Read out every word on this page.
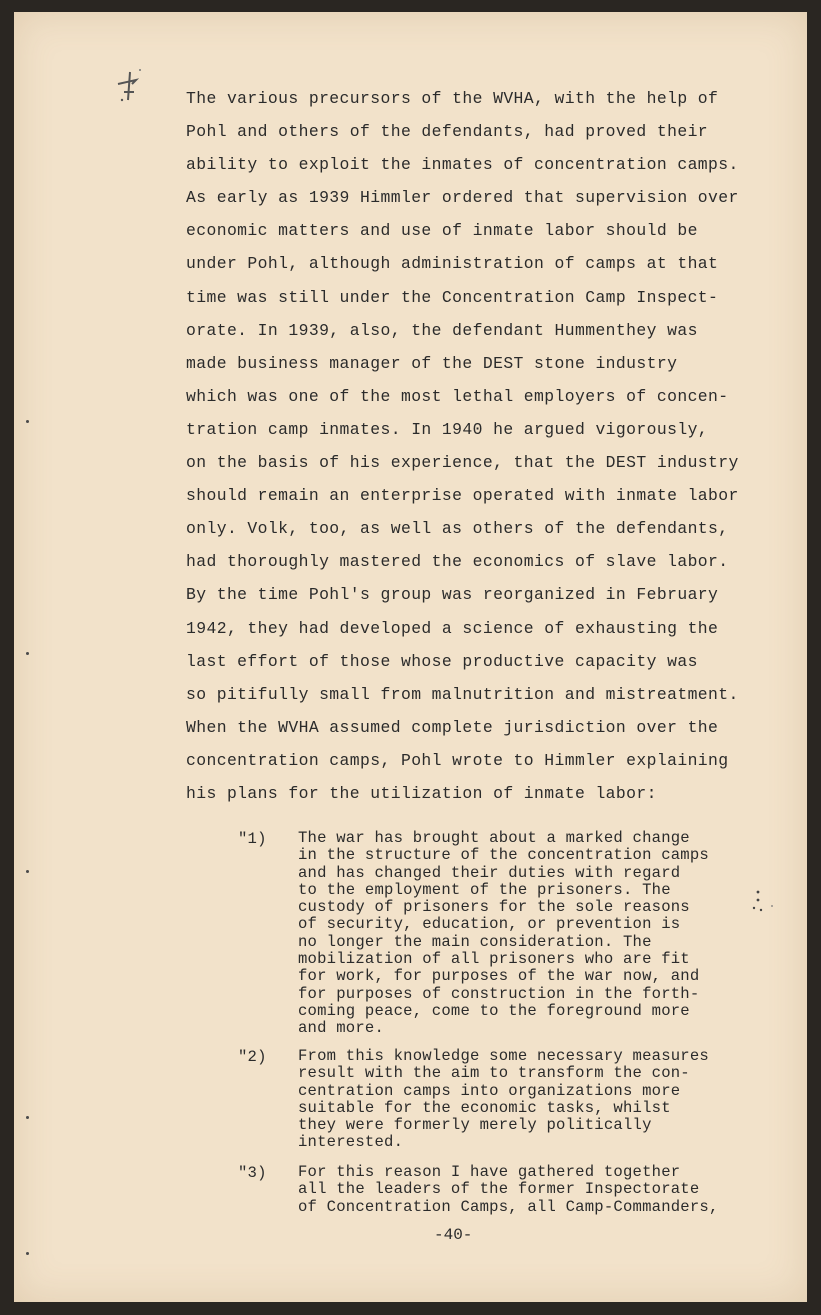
The various precursors of the WVHA, with the help of
Pohl and others of the defendants, had proved their
ability to exploit the inmates of concentration camps.
As early as 1939 Himmler ordered that supervision over
economic matters and use of inmate labor should be
under Pohl, although administration of camps at that
time was still under the Concentration Camp Inspect-
orate. In 1939, also, the defendant Hummenthey was
made business manager of the DEST stone industry
which was one of the most lethal employers of concen-
tration camp inmates. In 1940 he argued vigorously,
on the basis of his experience, that the DEST industry
should remain an enterprise operated with inmate labor
only. Volk, too, as well as others of the defendants,
had thoroughly mastered the economics of slave labor.
By the time Pohl's group was reorganized in February
1942, they had developed a science of exhausting the
last effort of those whose productive capacity was
so pitifully small from malnutrition and mistreatment.
When the WVHA assumed complete jurisdiction over the
concentration camps, Pohl wrote to Himmler explaining
his plans for the utilization of inmate labor:
"1)	The war has brought about a marked change
in the structure of the concentration camps
and has changed their duties with regard
to the employment of the prisoners. The
custody of prisoners for the sole reasons
of security, education, or prevention is
no longer the main consideration. The
mobilization of all prisoners who are fit
for work, for purposes of the war now, and
for purposes of construction in the forth-
coming peace, come to the foreground more
and more.
"2)	From this knowledge some necessary measures
result with the aim to transform the con-
centration camps into organizations more
suitable for the economic tasks, whilst
they were formerly merely politically
interested.
"3)	For this reason I have gathered together
all the leaders of the former Inspectorate
of Concentration Camps, all Camp-Commanders,
-40-
